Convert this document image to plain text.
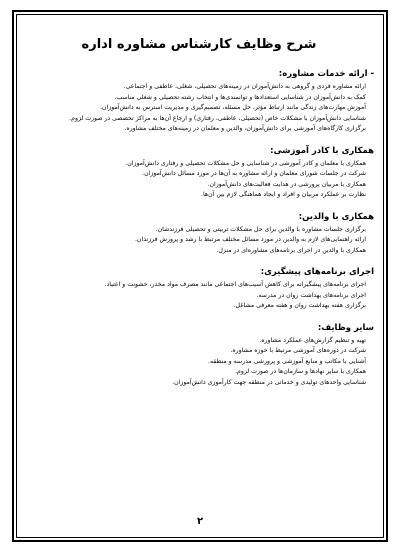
شرح وظایف کارشناس مشاوره اداره
- ارائه خدمات مشاوره:
ارائه مشاوره فردی و گروهی به دانش‌آموزان در زمینه‌های تحصیلی، شغلی، عاطفی و اجتماعی.
کمک به دانش‌آموزان در شناسایی استعدادها و توانمندی‌ها و انتخاب رشته تحصیلی و شغلی مناسب.
آموزش مهارت‌های زندگی مانند ارتباط مؤثر، حل مسئله، تصمیم‌گیری و مدیریت استرس به دانش‌آموزان.
شناسایی دانش‌آموزان با مشکلات خاص (تحصیلی، عاطفی، رفتاری) و ارجاع آن‌ها به مراکز تخصصی در صورت لزوم.
برگزاری کارگاه‌های آموزشی برای دانش‌آموزان، والدین و معلمان در زمینه‌های مختلف مشاوره.
همکاری با کادر آموزشی:
همکاری با معلمان و کادر آموزشی در شناسایی و حل مشکلات تحصیلی و رفتاری دانش‌آموزان.
شرکت در جلسات شورای معلمان و ارائه مشاوره به آن‌ها در مورد مسائل دانش‌آموزان.
همکاری با مربیان پرورشی در هدایت فعالیت‌های دانش‌آموزان.
نظارت بر عملکرد مربیان و افراد و ایجاد هماهنگی لازم بین آن‌ها.
همکاری با والدین:
برگزاری جلسات مشاوره با والدین برای حل مشکلات تربیتی و تحصیلی فرزندشان.
ارائه راهنمایی‌های لازم به والدین در مورد مسائل مختلف مرتبط با رشد و پرورش فرزندان.
همکاری با والدین در اجرای برنامه‌های مشاوره‌ای در منزل.
اجرای برنامه‌های پیشگیری:
اجرای برنامه‌های پیشگیرانه برای کاهش آسیب‌های اجتماعی مانند مصرف مواد مخدر، خشونت و اعتیاد.
اجرای برنامه‌های بهداشت روان در مدرسه.
برگزاری هفته بهداشت روان و هفته معرفی مشاغل.
سایر وظایف:
تهیه و تنظیم گزارش‌های عملکرد مشاوره.
شرکت در دوره‌های آموزشی مرتبط با حوزه مشاوره.
آشنایی با مکاتب و منابع آموزشی و پرورشی مدرسه و منطقه.
همکاری با سایر نهادها و سازمان‌ها در صورت لزوم.
شناسایی واحدهای تولیدی و خدماتی در منطقه جهت کارآموزی دانش‌آموزان.
۲
